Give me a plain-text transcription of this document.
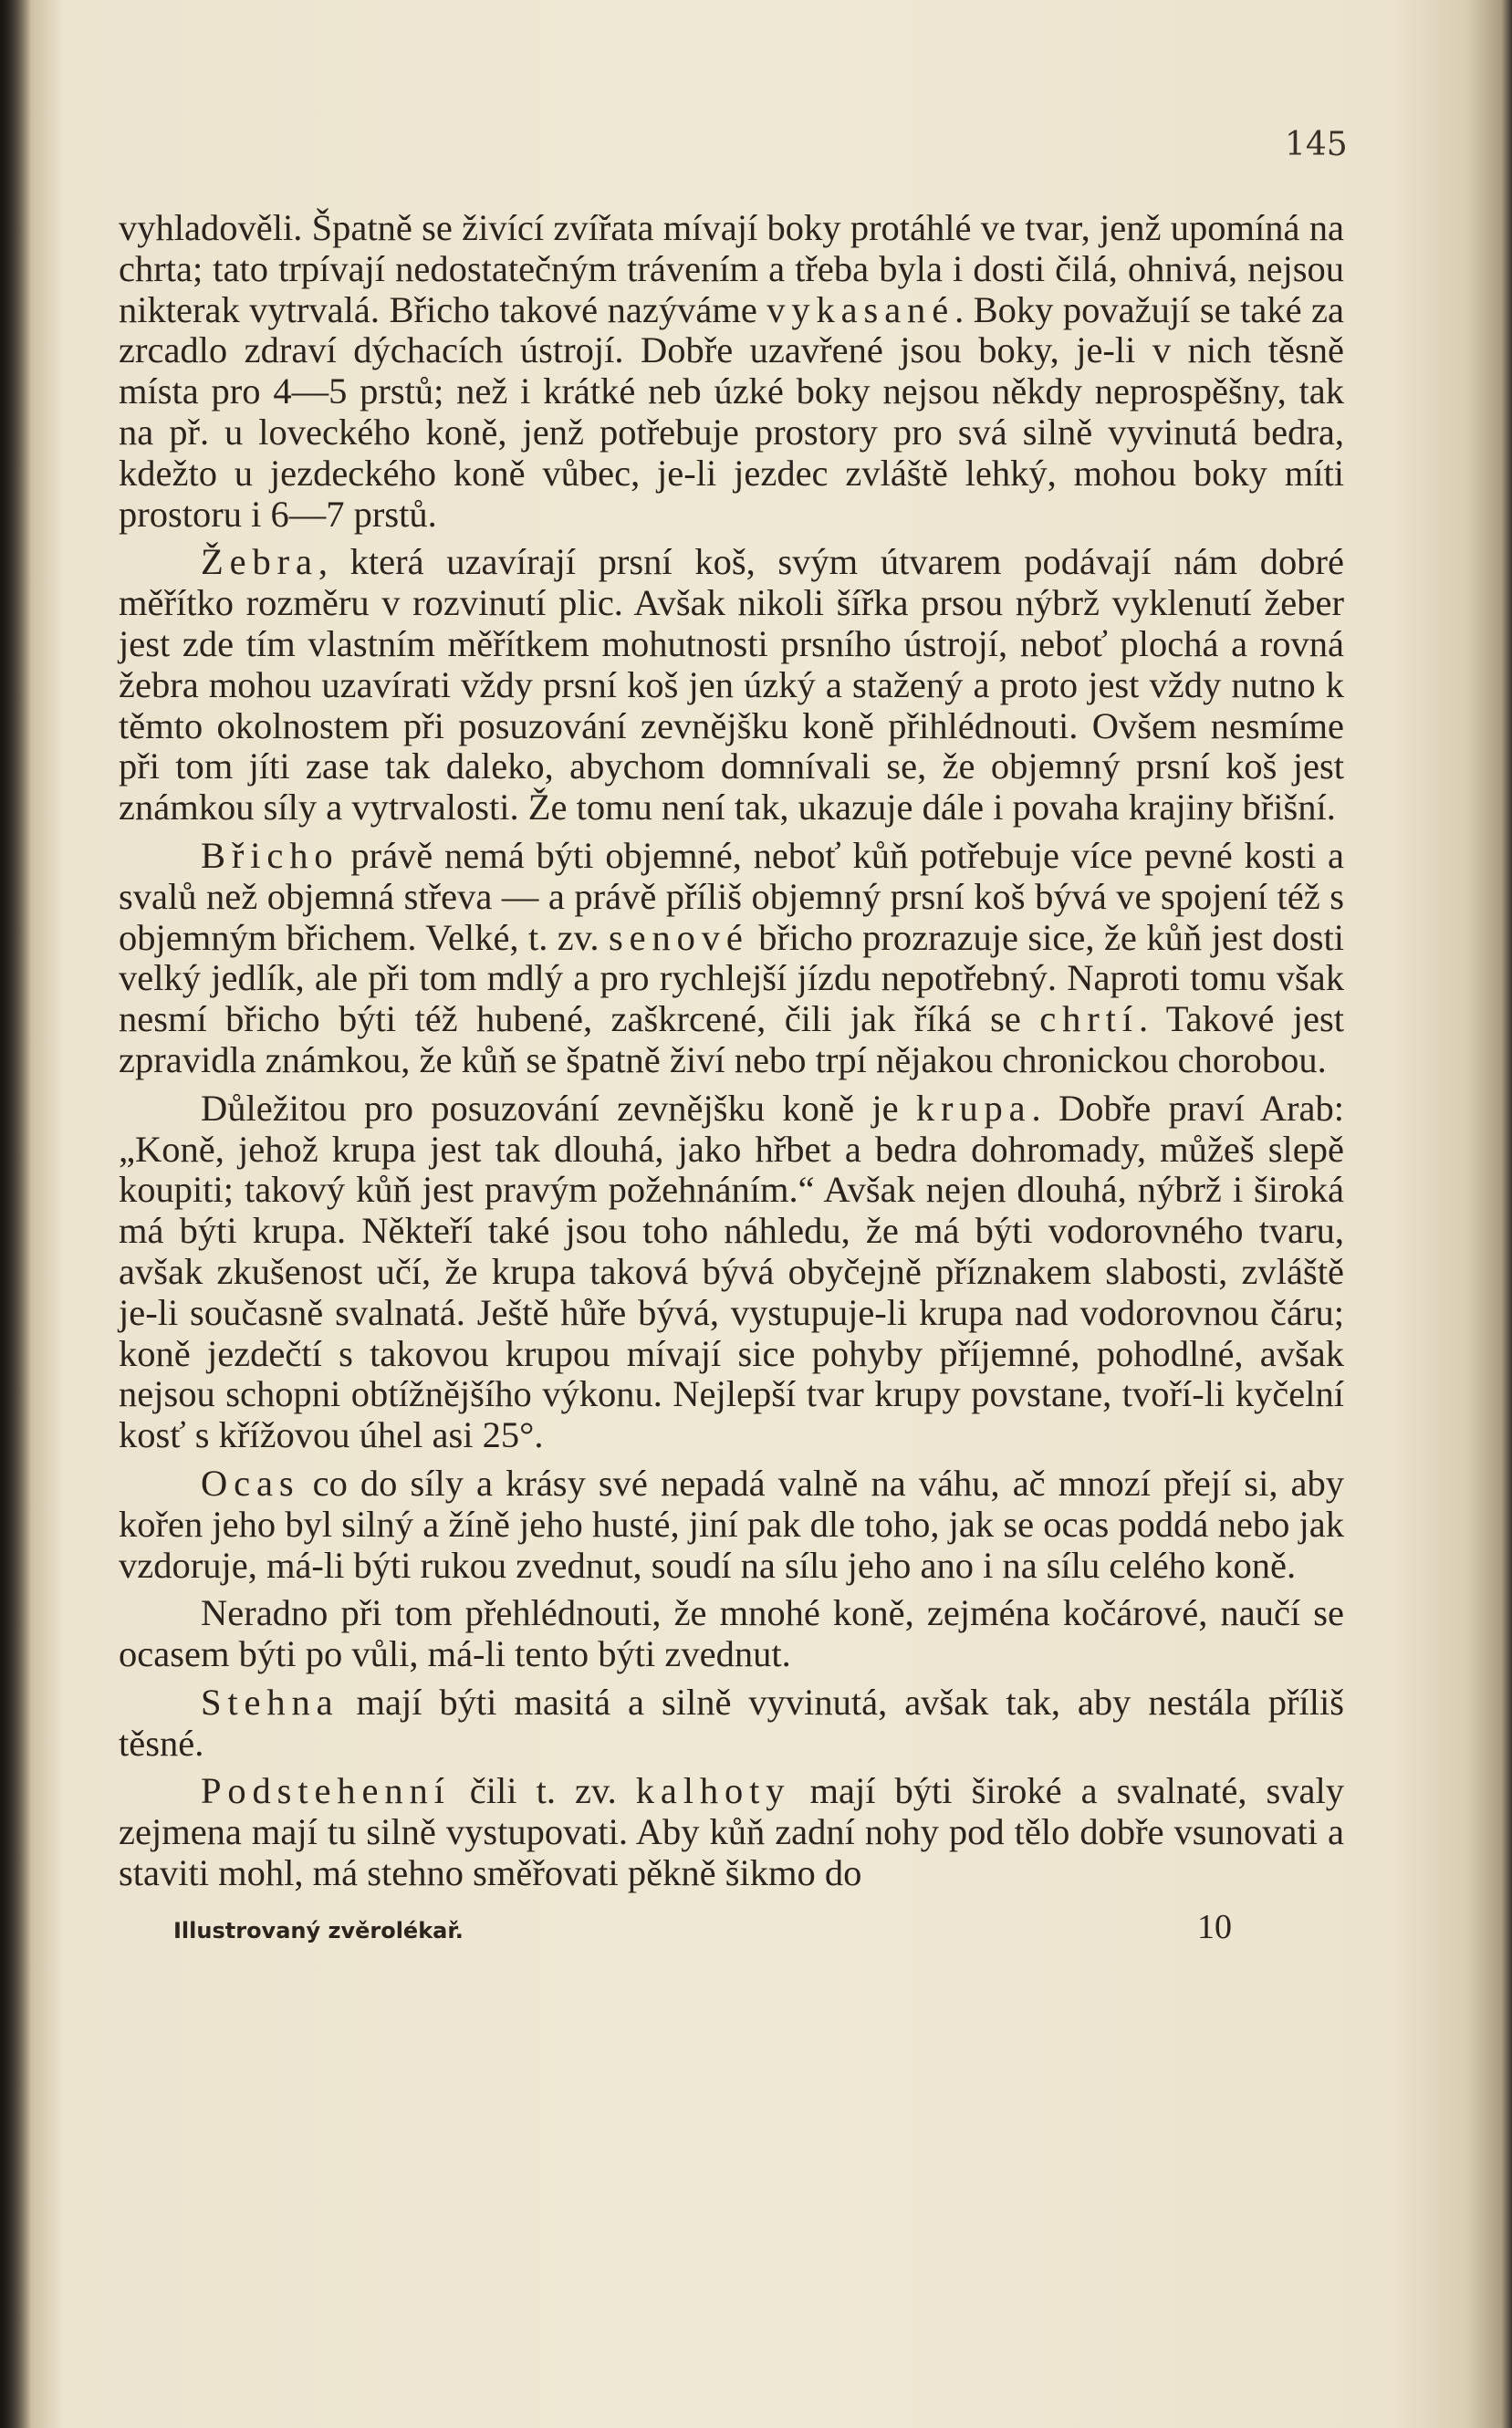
145

vyhladověli. Špatně se živící zvířata mívají boky protáhlé ve tvar, jenž upomíná na chrta; tato trpívají nedostatečným trávením a třeba byla i dosti čilá, ohnivá, nejsou nikterak vytrvalá. Břicho takové nazýváme vykasané. Boky považují se také za zrcadlo zdraví dýchacích ústrojí. Dobře uzavřené jsou boky, je-li v nich těsně místa pro 4—5 prstů; než i krátké neb úzké boky nejsou někdy neprospěšny, tak na př. u loveckého koně, jenž potřebuje prostory pro svá silně vyvinutá bedra, kdežto u jezdeckého koně vůbec, je-li jezdec zvláště lehký, mohou boky míti prostoru i 6—7 prstů.

Žebra, která uzavírají prsní koš, svým útvarem podávají nám dobré měřítko rozměru v rozvinutí plic. Avšak nikoli šířka prsou nýbrž vyklenutí žeber jest zde tím vlastním měřítkem mohutnosti prsního ústrojí, neboť plochá a rovná žebra mohou uzavírati vždy prsní koš jen úzký a stažený a proto jest vždy nutno k těmto okolnostem při posuzování zevnějšku koně přihlédnouti. Ovšem nesmíme při tom jíti zase tak daleko, abychom domnívali se, že objemný prsní koš jest známkou síly a vytrvalosti. Že tomu není tak, ukazuje dále i povaha krajiny břišní.

Břicho právě nemá býti objemné, neboť kůň potřebuje více pevné kosti a svalů než objemná střeva — a právě příliš objemný prsní koš bývá ve spojení též s objemným břichem. Velké, t. zv. senové břicho prozrazuje sice, že kůň jest dosti velký jedlík, ale při tom mdlý a pro rychlejší jízdu nepotřebný. Naproti tomu však nesmí břicho býti též hubené, zaškrcené, čili jak říká se chrtí. Takové jest zpravidla známkou, že kůň se špatně živí nebo trpí nějakou chronickou chorobou.

Důležitou pro posuzování zevnějšku koně je krupa. Dobře praví Arab: „Koně, jehož krupa jest tak dlouhá, jako hřbet a bedra dohromady, můžeš slepě koupiti; takový kůň jest pravým požehnáním.“ Avšak nejen dlouhá, nýbrž i široká má býti krupa. Někteří také jsou toho náhledu, že má býti vodorovného tvaru, avšak zkušenost učí, že krupa taková bývá obyčejně příznakem slabosti, zvláště je-li současně svalnatá. Ještě hůře bývá, vystupuje-li krupa nad vodorovnou čáru; koně jezdečtí s takovou krupou mívají sice pohyby příjemné, pohodlné, avšak nejsou schopni obtížnějšího výkonu. Nejlepší tvar krupy povstane, tvoří-li kyčelní kosť s křížovou úhel asi 25°.

Ocas co do síly a krásy své nepadá valně na váhu, ač mnozí přejí si, aby kořen jeho byl silný a žíně jeho husté, jiní pak dle toho, jak se ocas poddá nebo jak vzdoruje, má-li býti rukou zvednut, soudí na sílu jeho ano i na sílu celého koně.

Neradno při tom přehlédnouti, že mnohé koně, zejména kočárové, naučí se ocasem býti po vůli, má-li tento býti zvednut.

Stehna mají býti masitá a silně vyvinutá, avšak tak, aby nestála příliš těsné.

Podstehenní čili t. zv. kalhoty mají býti široké a svalnaté, svaly zejmena mají tu silně vystupovati. Aby kůň zadní nohy pod tělo dobře vsunovati a staviti mohl, má stehno směřovati pěkně šikmo do

Illustrovaný zvěrolékař.	10
